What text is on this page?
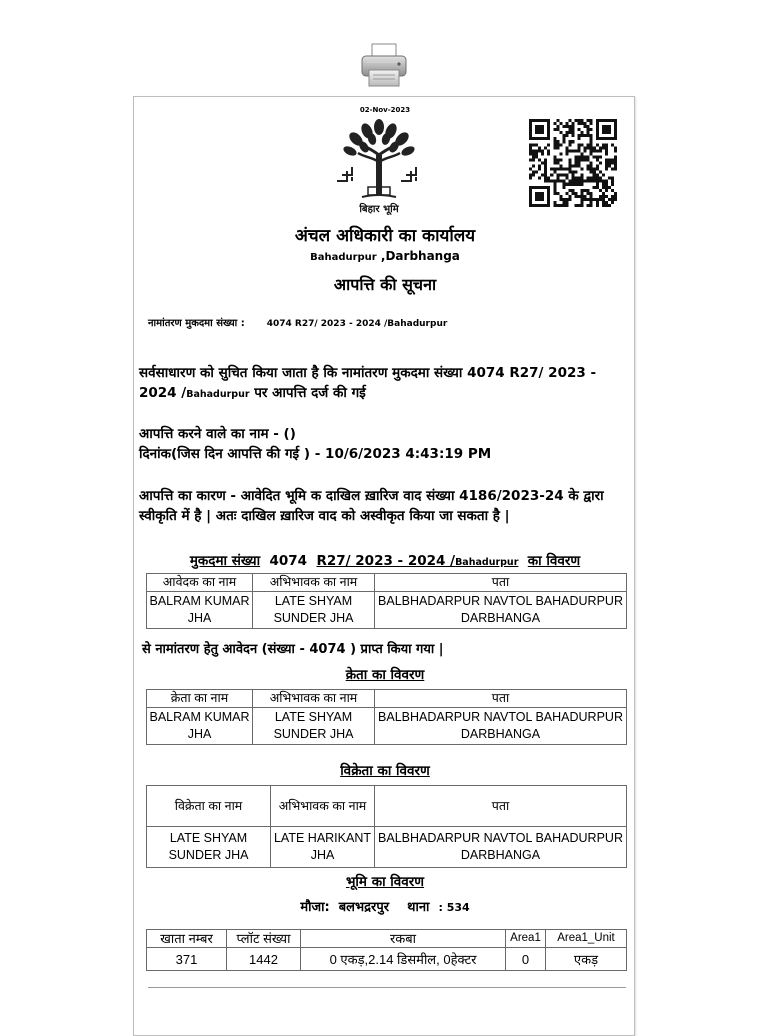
02-Nov-2023
बिहार भूमि
अंचल अधिकारी का कार्यालय
Bahadurpur ,Darbhanga
आपत्ति की सूचना
नामांतरण मुकदमा संख्या : 4074 R27/ 2023 - 2024 /Bahadurpur
सर्वसाधारण को सुचित किया जाता है कि नामांतरण मुकदमा संख्या 4074 R27/ 2023 - 2024 /Bahadurpur पर आपत्ति दर्ज की गई
आपत्ति करने वाले का नाम - ()
दिनांक(जिस दिन आपत्ति की गई ) - 10/6/2023 4:43:19 PM
आपत्ति का कारण - आवेदित भूमि क दाखिल ख़ारिज वाद संख्या 4186/2023-24 के द्वारा स्वीकृति में है | अतः दाखिल ख़ारिज वाद को अस्वीकृत किया जा सकता है |
मुकदमा संख्या 4074 R27/ 2023 - 2024 /Bahadurpur का विवरण
आवेदक का नाम	अभिभावक का नाम	पता
BALRAM KUMAR JHA	LATE SHYAM SUNDER JHA	BALBHADARPUR NAVTOL BAHADURPUR DARBHANGA
से नामांतरण हेतु आवेदन (संख्या - 4074 ) प्राप्त किया गया |
क्रेता का विवरण
क्रेता का नाम	अभिभावक का नाम	पता
BALRAM KUMAR JHA	LATE SHYAM SUNDER JHA	BALBHADARPUR NAVTOL BAHADURPUR DARBHANGA
विक्रेता का विवरण
विक्रेता का नाम	अभिभावक का नाम	पता
LATE SHYAM SUNDER JHA	LATE HARIKANT JHA	BALBHADARPUR NAVTOL BAHADURPUR DARBHANGA
भूमि का विवरण
मौजा: बलभद्ररपुर थाना : 534
खाता नम्बर	प्लॉट संख्या	रकबा	Area1	Area1_Unit
371	1442	0 एकड़,2.14 डिसमील, 0हेक्टर	0	एकड़
